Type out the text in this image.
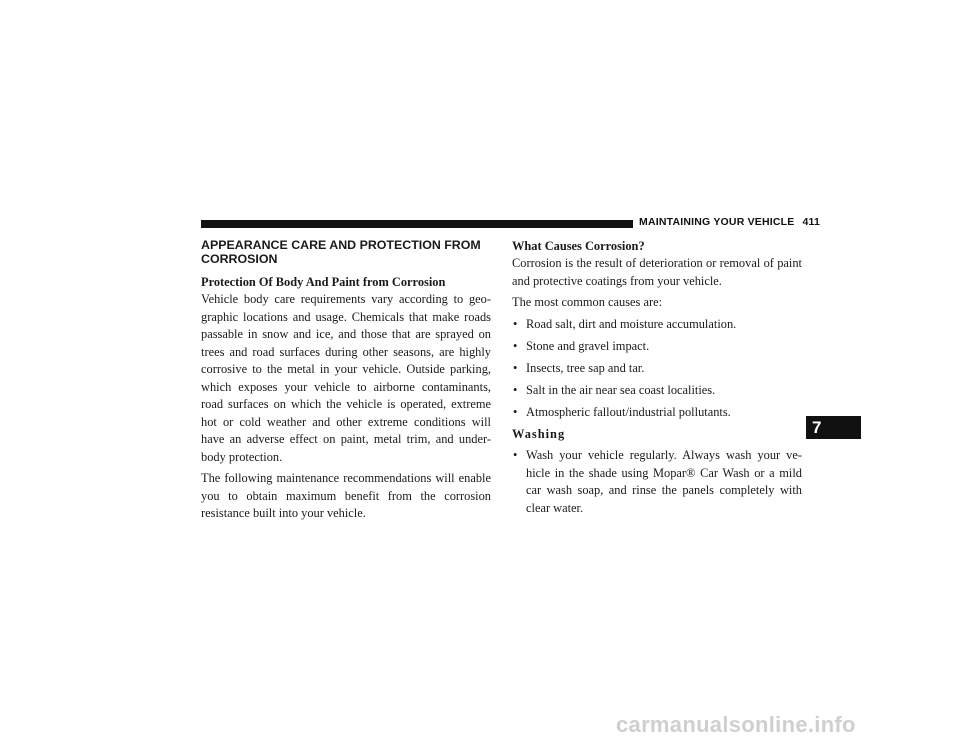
MAINTAINING YOUR VEHICLE 411
APPEARANCE CARE AND PROTECTION FROM CORROSION
Protection Of Body And Paint from Corrosion

Vehicle body care requirements vary according to geo-graphic locations and usage. Chemicals that make roads passable in snow and ice, and those that are sprayed on trees and road surfaces during other seasons, are highly corrosive to the metal in your vehicle. Outside parking, which exposes your vehicle to airborne contaminants, road surfaces on which the vehicle is operated, extreme hot or cold weather and other extreme conditions will have an adverse effect on paint, metal trim, and under-body protection.

The following maintenance recommendations will enable you to obtain maximum benefit from the corrosion resistance built into your vehicle.

What Causes Corrosion?

Corrosion is the result of deterioration or removal of paint and protective coatings from your vehicle.

The most common causes are:

• Road salt, dirt and moisture accumulation.
• Stone and gravel impact.
• Insects, tree sap and tar.
• Salt in the air near sea coast localities.
• Atmospheric fallout/industrial pollutants.
Washing
• Wash your vehicle regularly. Always wash your ve-hicle in the shade using Mopar® Car Wash or a mild car wash soap, and rinse the panels completely with clear water.
7
carmanualsonline.info
